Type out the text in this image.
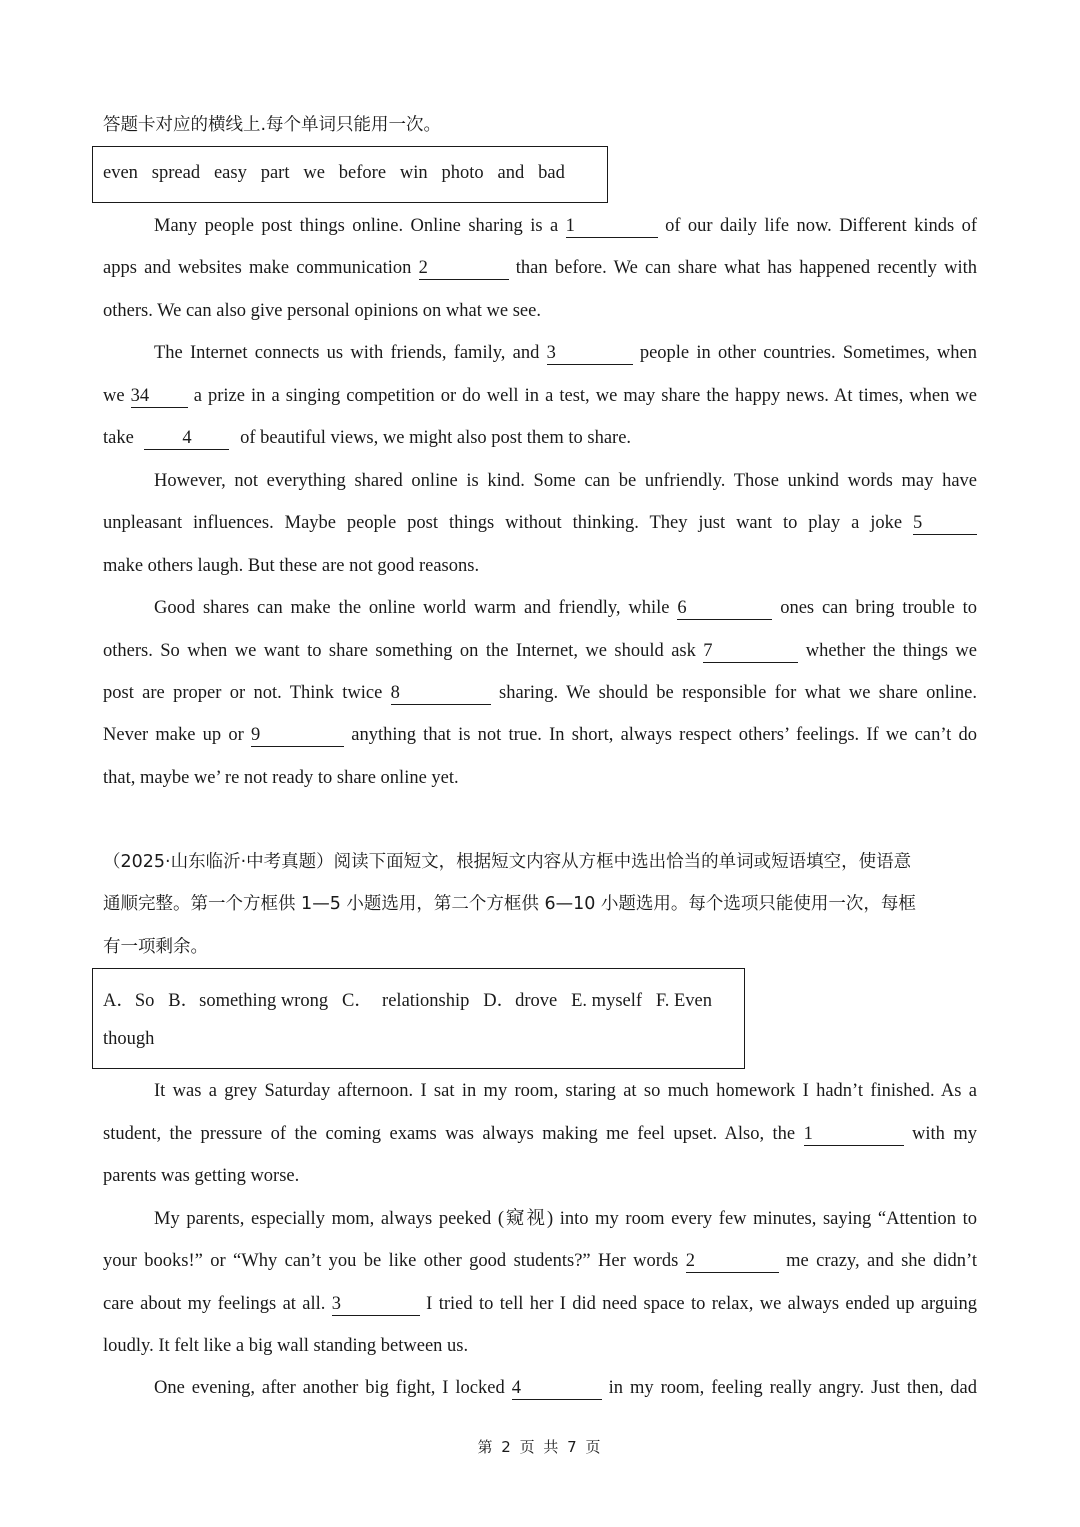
答题卡对应的横线上.每个单词只能用一次。
even   spread   easy   part   we   before   win   photo   and   bad
Many people post things online. Online sharing is a 1	of our daily life now. Different kinds of
apps and websites make communication 2	than before. We can share what has happened recently with
others. We can also give personal opinions on what we see.
The Internet connects us with friends, family, and 3	people in other countries. Sometimes, when
we 34 a prize in a singing competition or do well in a test, we may share the happy news. At times, when we
take	4	of beautiful views, we might also post them to share.
However, not everything shared online is kind. Some can be unfriendly. Those unkind words may have
unpleasant influences. Maybe people post things without thinking. They just want to play a joke 5
make others laugh. But these are not good reasons.
Good shares can make the online world warm and friendly, while 6	ones can bring trouble to
others. So when we want to share something on the Internet, we should ask 7	whether the things we
post are proper or not. Think twice 8	sharing. We should be responsible for what we share online.
Never make up or 9	anything that is not true. In short, always respect others’ feelings. If we can’t do
that, maybe we’ re not ready to share online yet.
（2025·山东临沂·中考真题）阅读下面短文，根据短文内容从方框中选出恰当的单词或短语填空，使语意
通顺完整。第一个方框供 1—5 小题选用，第二个方框供 6—10 小题选用。每个选项只能使用一次，每框
有一项剩余。
A．So   B．something wrong   C．  relationship   D．drove   E. myself   F. Even
though
It was a grey Saturday afternoon. I sat in my room, staring at so much homework I hadn’t finished. As a
student, the pressure of the coming exams was always making me feel upset. Also, the 1	with my
parents was getting worse.
My parents, especially mom, always peeked (窥视) into my room every few minutes, saying “Attention to
your books!” or “Why can’t you be like other good students?” Her words 2	me crazy, and she didn’t
care about my feelings at all. 3	I tried to tell her I did need space to relax, we always ended up arguing
loudly. It felt like a big wall standing between us.
One evening, after another big fight, I locked 4	in my room, feeling really angry. Just then, dad
第 2 页 共 7 页
